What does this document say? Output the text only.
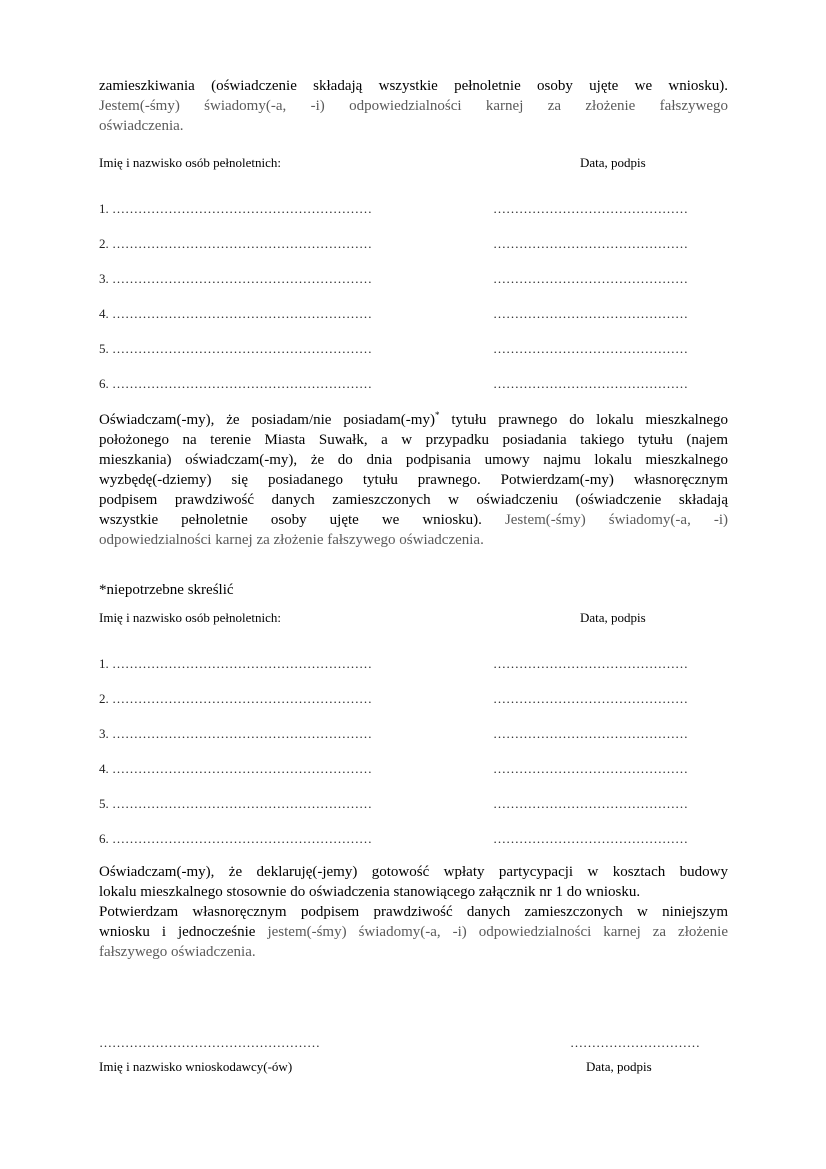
zamieszkiwania (oświadczenie składają wszystkie pełnoletnie osoby ujęte we wniosku).
Jestem(-śmy) świadomy(-a, -i) odpowiedzialności karnej za złożenie fałszywego
oświadczenia.
Imię i nazwisko osób pełnoletnich:	Data, podpis
1. ……………………………………………………	………………………………………
2. ……………………………………………………	………………………………………
3. ……………………………………………………	………………………………………
4. ……………………………………………………	………………………………………
5. ……………………………………………………	………………………………………
6. ……………………………………………………	………………………………………
Oświadczam(-my), że posiadam/nie posiadam(-my)* tytułu prawnego do lokalu mieszkalnego
położonego na terenie Miasta Suwałk, a w przypadku posiadania takiego tytułu (najem
mieszkania) oświadczam(-my), że do dnia podpisania umowy najmu lokalu mieszkalnego
wyzbędę(-dziemy) się posiadanego tytułu prawnego. Potwierdzam(-my) własnoręcznym
podpisem prawdziwość danych zamieszczonych w oświadczeniu (oświadczenie składają
wszystkie pełnoletnie osoby ujęte we wniosku). Jestem(-śmy) świadomy(-a, -i)
odpowiedzialności karnej za złożenie fałszywego oświadczenia.
*niepotrzebne skreślić
Imię i nazwisko osób pełnoletnich:	Data, podpis
1. ……………………………………………………	………………………………………
2. ……………………………………………………	………………………………………
3. ……………………………………………………	………………………………………
4. ……………………………………………………	………………………………………
5. ……………………………………………………	………………………………………
6. ……………………………………………………	………………………………………
Oświadczam(-my), że deklaruję(-jemy) gotowość wpłaty partycypacji w kosztach budowy
lokalu mieszkalnego stosownie do oświadczenia stanowiącego załącznik nr 1 do wniosku.
Potwierdzam własnoręcznym podpisem prawdziwość danych zamieszczonych w niniejszym
wniosku i jednocześnie jestem(-śmy) świadomy(-a, -i) odpowiedzialności karnej za złożenie
fałszywego oświadczenia.
……………………………………………	…………………………
Imię i nazwisko wnioskodawcy(-ów)	Data, podpis
